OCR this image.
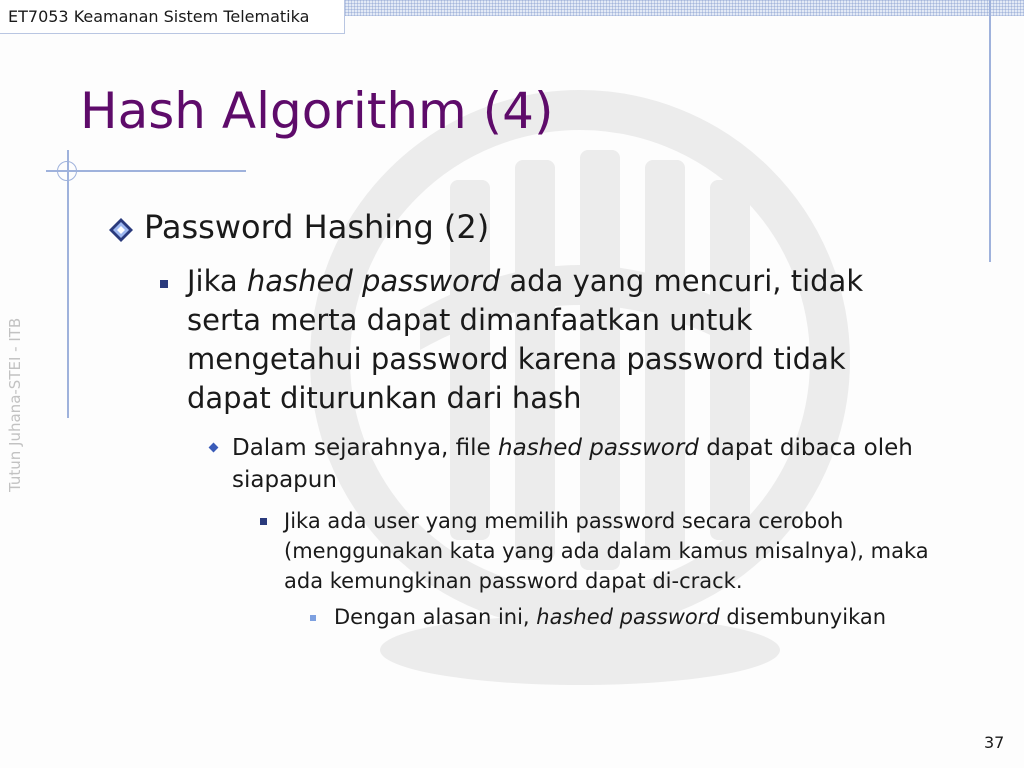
ET7053 Keamanan Sistem Telematika
Tutun Juhana-STEI - ITB
Hash Algorithm (4)
Password Hashing (2)
Jika hashed password ada yang mencuri, tidak serta merta dapat dimanfaatkan untuk mengetahui password karena password tidak dapat diturunkan dari hash
Dalam sejarahnya, file hashed password dapat dibaca oleh siapapun
Jika ada user yang memilih password secara ceroboh (menggunakan kata yang ada dalam kamus misalnya), maka ada kemungkinan password dapat di-crack.
Dengan alasan ini, hashed password disembunyikan
37
